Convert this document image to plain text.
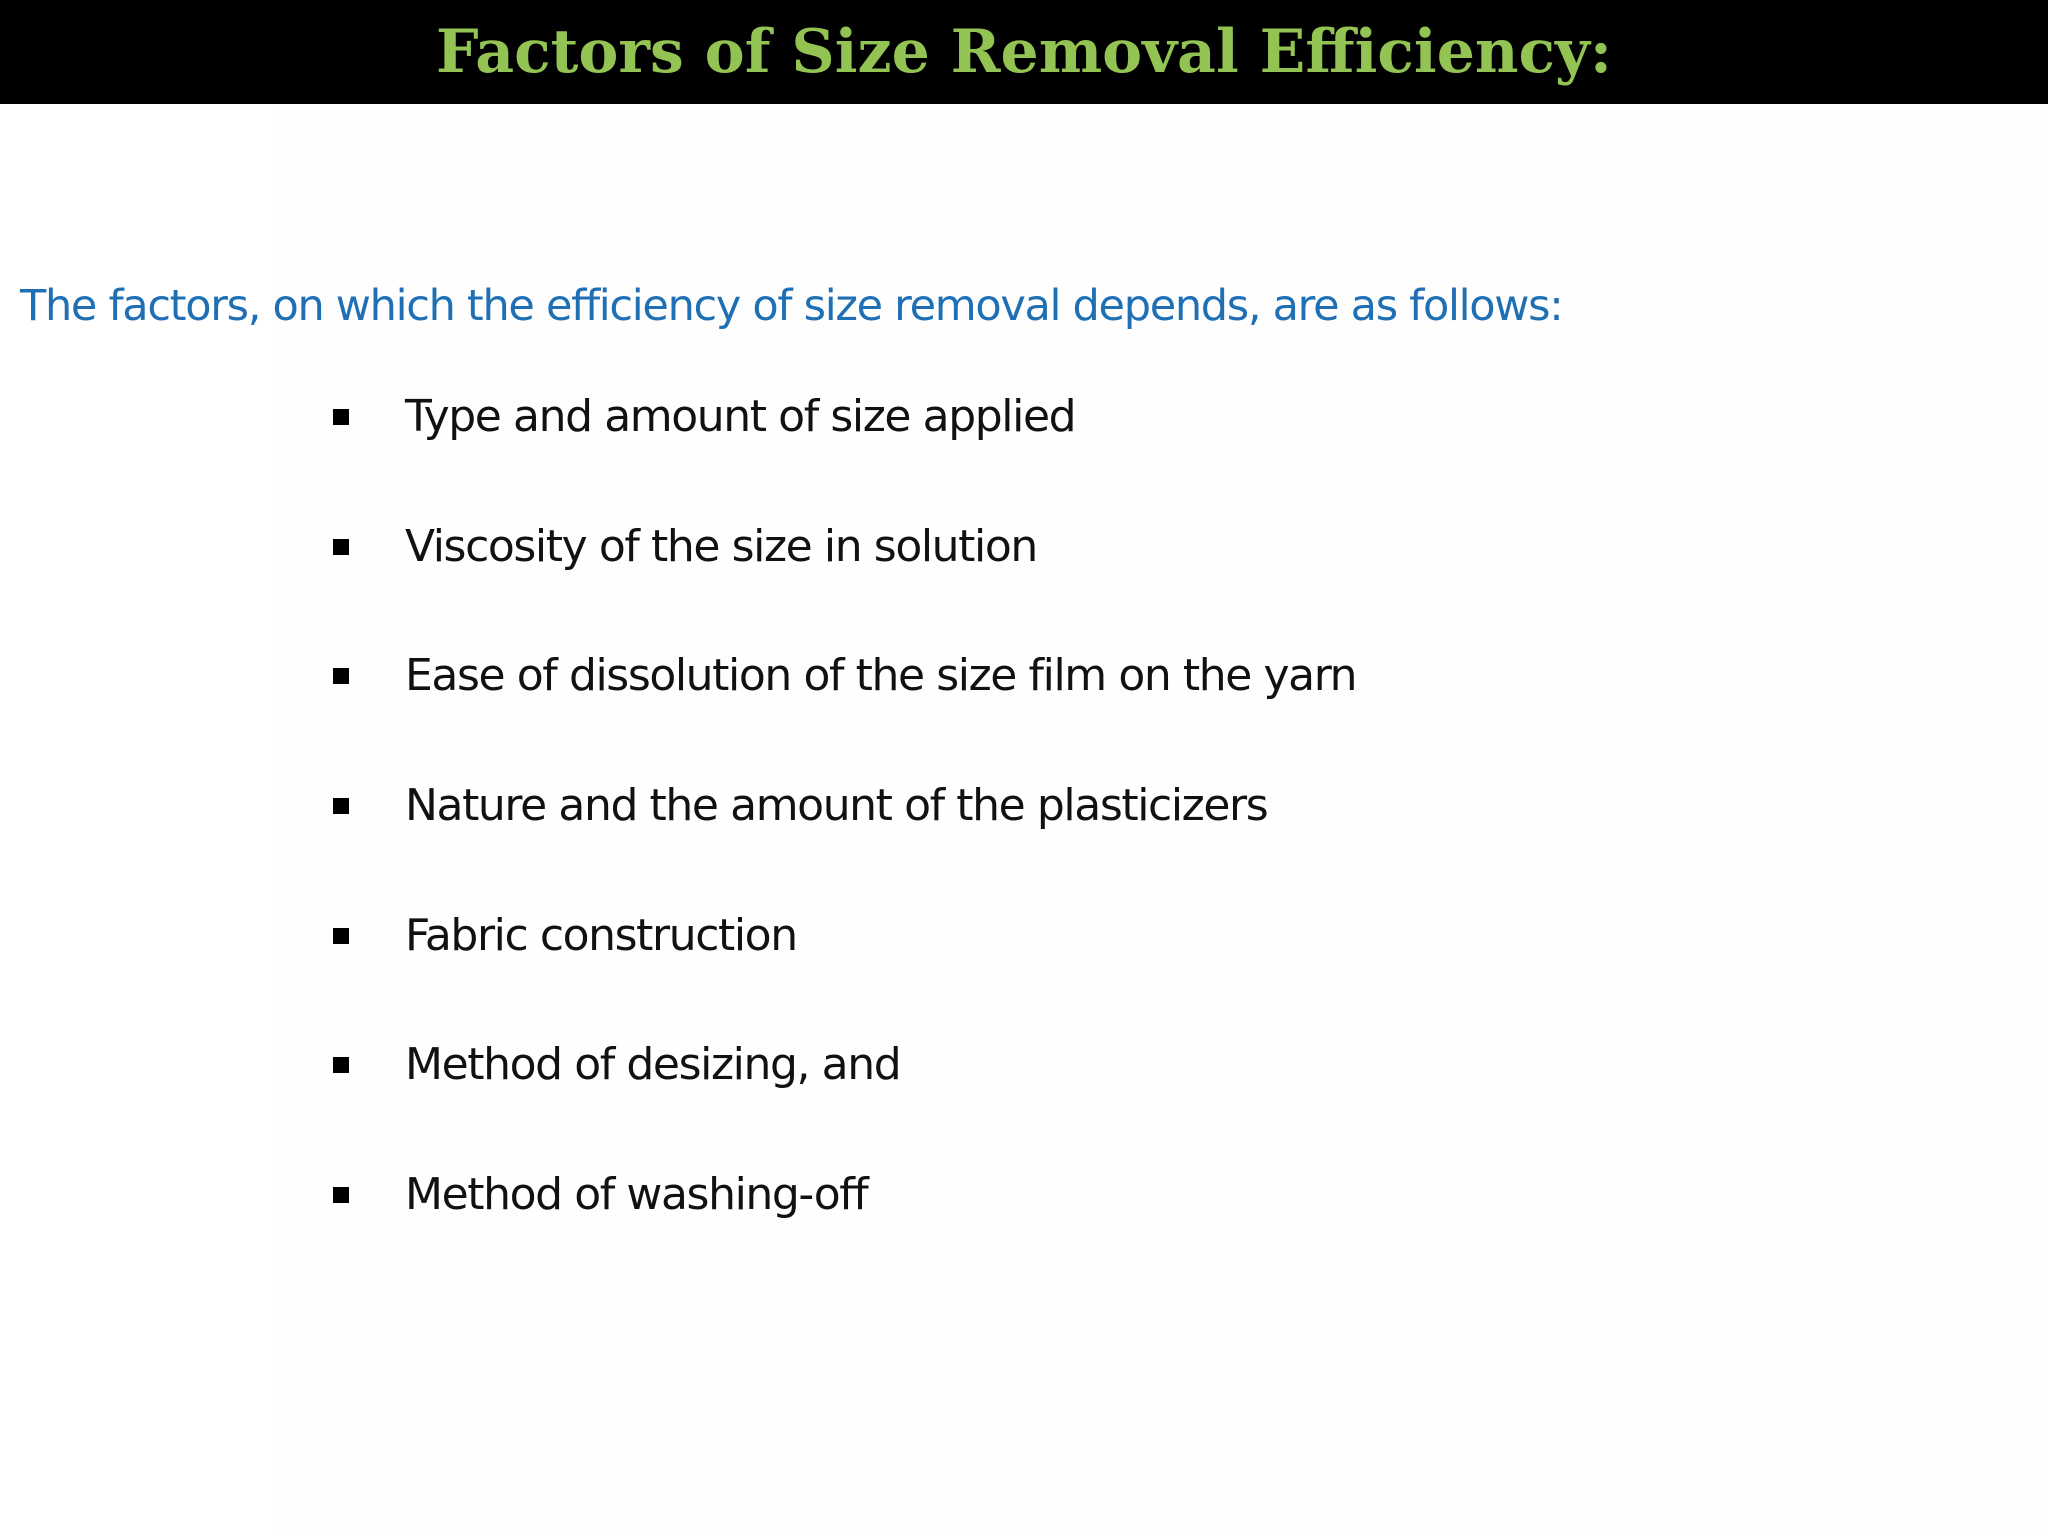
Factors of Size Removal Efficiency:
The factors, on which the efficiency of size removal depends, are as follows:
Type and amount of size applied
Viscosity of the size in solution
Ease of dissolution of the size film on the yarn
Nature and the amount of the plasticizers
Fabric construction
Method of desizing, and
Method of washing-off
